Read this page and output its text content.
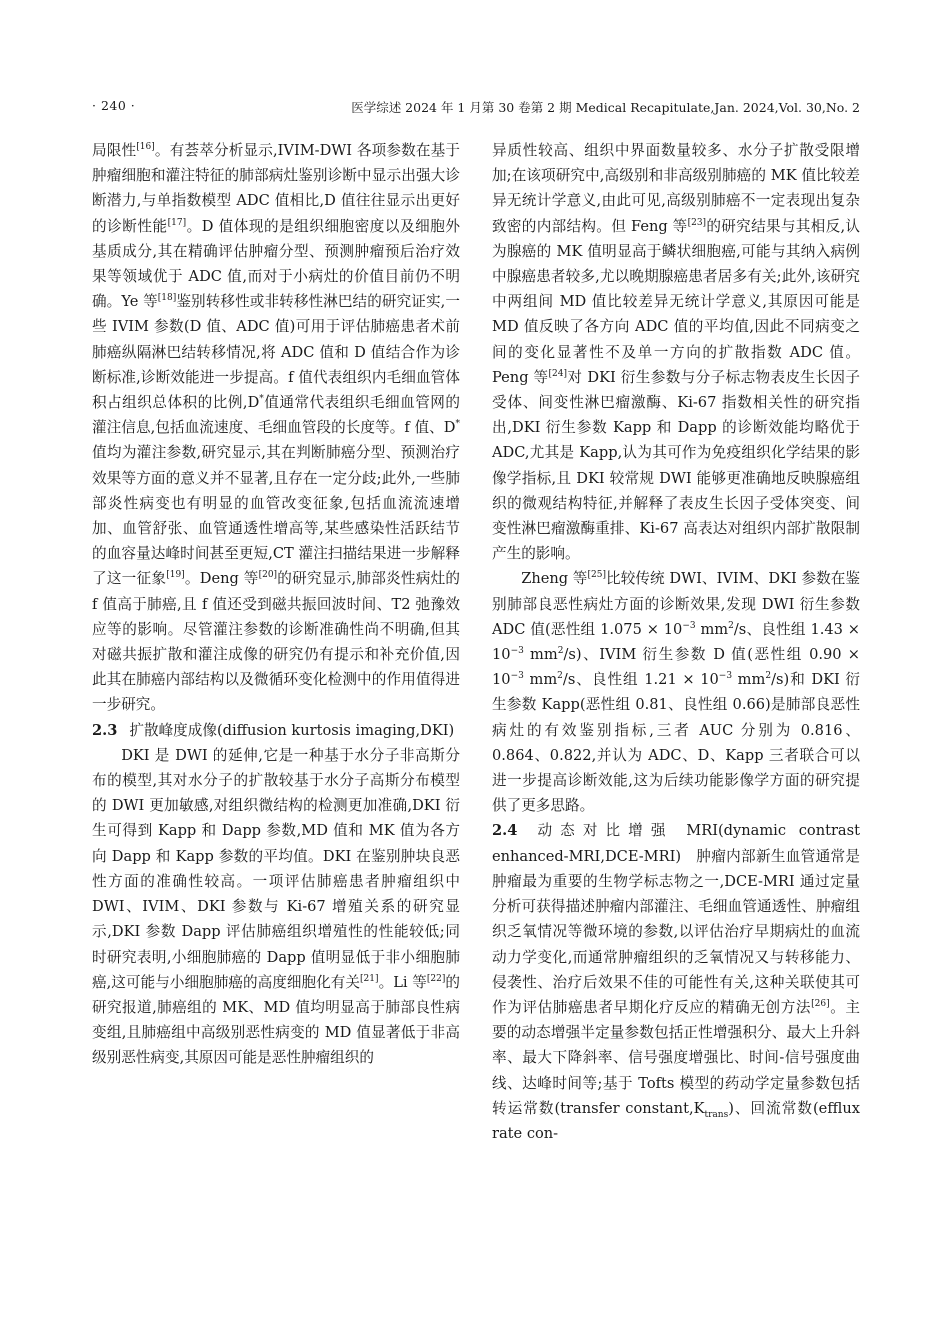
· 240 ·	医学综述 2024 年 1 月第 30 卷第 2 期 Medical Recapitulate,Jan. 2024,Vol. 30,No. 2

局限性[16]。有荟萃分析显示,IVIM-DWI 各项参数在基于肿瘤细胞和灌注特征的肺部病灶鉴别诊断中显示出强大诊断潜力,与单指数模型 ADC 值相比,D 值往往显示出更好的诊断性能[17]。D 值体现的是组织细胞密度以及细胞外基质成分,其在精确评估肿瘤分型、预测肿瘤预后治疗效果等领域优于 ADC 值,而对于小病灶的价值目前仍不明确。Ye 等[18]鉴别转移性或非转移性淋巴结的研究证实,一些 IVIM 参数(D 值、ADC 值)可用于评估肺癌患者术前肺癌纵隔淋巴结转移情况,将 ADC 值和 D 值结合作为诊断标准,诊断效能进一步提高。f 值代表组织内毛细血管体积占组织总体积的比例,D*值通常代表组织毛细血管网的灌注信息,包括血流速度、毛细血管段的长度等。f 值、D*值均为灌注参数,研究显示,其在判断肺癌分型、预测治疗效果等方面的意义并不显著,且存在一定分歧;此外,一些肺部炎性病变也有明显的血管改变征象,包括血流流速增加、血管舒张、血管通透性增高等,某些感染性活跃结节的血容量达峰时间甚至更短,CT 灌注扫描结果进一步解释了这一征象[19]。Deng 等[20]的研究显示,肺部炎性病灶的 f 值高于肺癌,且 f 值还受到磁共振回波时间、T2 弛豫效应等的影响。尽管灌注参数的诊断准确性尚不明确,但其对磁共振扩散和灌注成像的研究仍有提示和补充价值,因此其在肺癌内部结构以及微循环变化检测中的作用值得进一步研究。

2.3 扩散峰度成像(diffusion kurtosis imaging,DKI)

DKI 是 DWI 的延伸,它是一种基于水分子非高斯分布的模型,其对水分子的扩散较基于水分子高斯分布模型的 DWI 更加敏感,对组织微结构的检测更加准确,DKI 衍生可得到 Kapp 和 Dapp 参数,MD 值和 MK 值为各方向 Dapp 和 Kapp 参数的平均值。DKI 在鉴别肿块良恶性方面的准确性较高。一项评估肺癌患者肿瘤组织中 DWI、IVIM、DKI 参数与 Ki-67 增殖关系的研究显示,DKI 参数 Dapp 评估肺癌组织增殖性的性能较低;同时研究表明,小细胞肺癌的 Dapp 值明显低于非小细胞肺癌,这可能与小细胞肺癌的高度细胞化有关[21]。Li 等[22]的研究报道,肺癌组的 MK、MD 值均明显高于肺部良性病变组,且肺癌组中高级别恶性病变的 MD 值显著低于非高级别恶性病变,其原因可能是恶性肿瘤组织的

异质性较高、组织中界面数量较多、水分子扩散受限增加;在该项研究中,高级别和非高级别肺癌的 MK 值比较差异无统计学意义,由此可见,高级别肺癌不一定表现出复杂致密的内部结构。但 Feng 等[23]的研究结果与其相反,认为腺癌的 MK 值明显高于鳞状细胞癌,可能与其纳入病例中腺癌患者较多,尤以晚期腺癌患者居多有关;此外,该研究中两组间 MD 值比较差异无统计学意义,其原因可能是 MD 值反映了各方向 ADC 值的平均值,因此不同病变之间的变化显著性不及单一方向的扩散指数 ADC 值。Peng 等[24]对 DKI 衍生参数与分子标志物表皮生长因子受体、间变性淋巴瘤激酶、Ki-67 指数相关性的研究指出,DKI 衍生参数 Kapp 和 Dapp 的诊断效能均略优于 ADC,尤其是 Kapp,认为其可作为免疫组织化学结果的影像学指标,且 DKI 较常规 DWI 能够更准确地反映腺癌组织的微观结构特征,并解释了表皮生长因子受体突变、间变性淋巴瘤激酶重排、Ki-67 高表达对组织内部扩散限制产生的影响。

Zheng 等[25]比较传统 DWI、IVIM、DKI 参数在鉴别肺部良恶性病灶方面的诊断效果,发现 DWI 衍生参数 ADC 值(恶性组 $1.075 \times 10^{-3}$ $mm^2/s$、良性组 $1.43 \times 10^{-3}$ $mm^2/s$)、IVIM 衍生参数 D 值(恶性组 $0.90 \times 10^{-3}$ $mm^2/s$、良性组 $1.21 \times 10^{-3}$ $mm^2/s$)和 DKI 衍生参数 Kapp(恶性组 0.81、良性组 0.66)是肺部良恶性病灶的有效鉴别指标,三者 AUC 分别为 0.816、0.864、0.822,并认为 ADC、D、Kapp 三者联合可以进一步提高诊断效能,这为后续功能影像学方面的研究提供了更多思路。

2.4 动态对比增强 MRI(dynamic contrast enhanced-MRI,DCE-MRI)　肿瘤内部新生血管通常是肿瘤最为重要的生物学标志物之一,DCE-MRI 通过定量分析可获得描述肿瘤内部灌注、毛细血管通透性、肿瘤组织乏氧情况等微环境的参数,以评估治疗早期病灶的血流动力学变化,而通常肿瘤组织的乏氧情况又与转移能力、侵袭性、治疗后效果不佳的可能性有关,这种关联使其可作为评估肺癌患者早期化疗反应的精确无创方法[26]。主要的动态增强半定量参数包括正性增强积分、最大上升斜率、最大下降斜率、信号强度增强比、时间-信号强度曲线、达峰时间等;基于 Tofts 模型的药动学定量参数包括转运常数(transfer $constant,K_{trans}$)、回流常数(efflux rate con-
